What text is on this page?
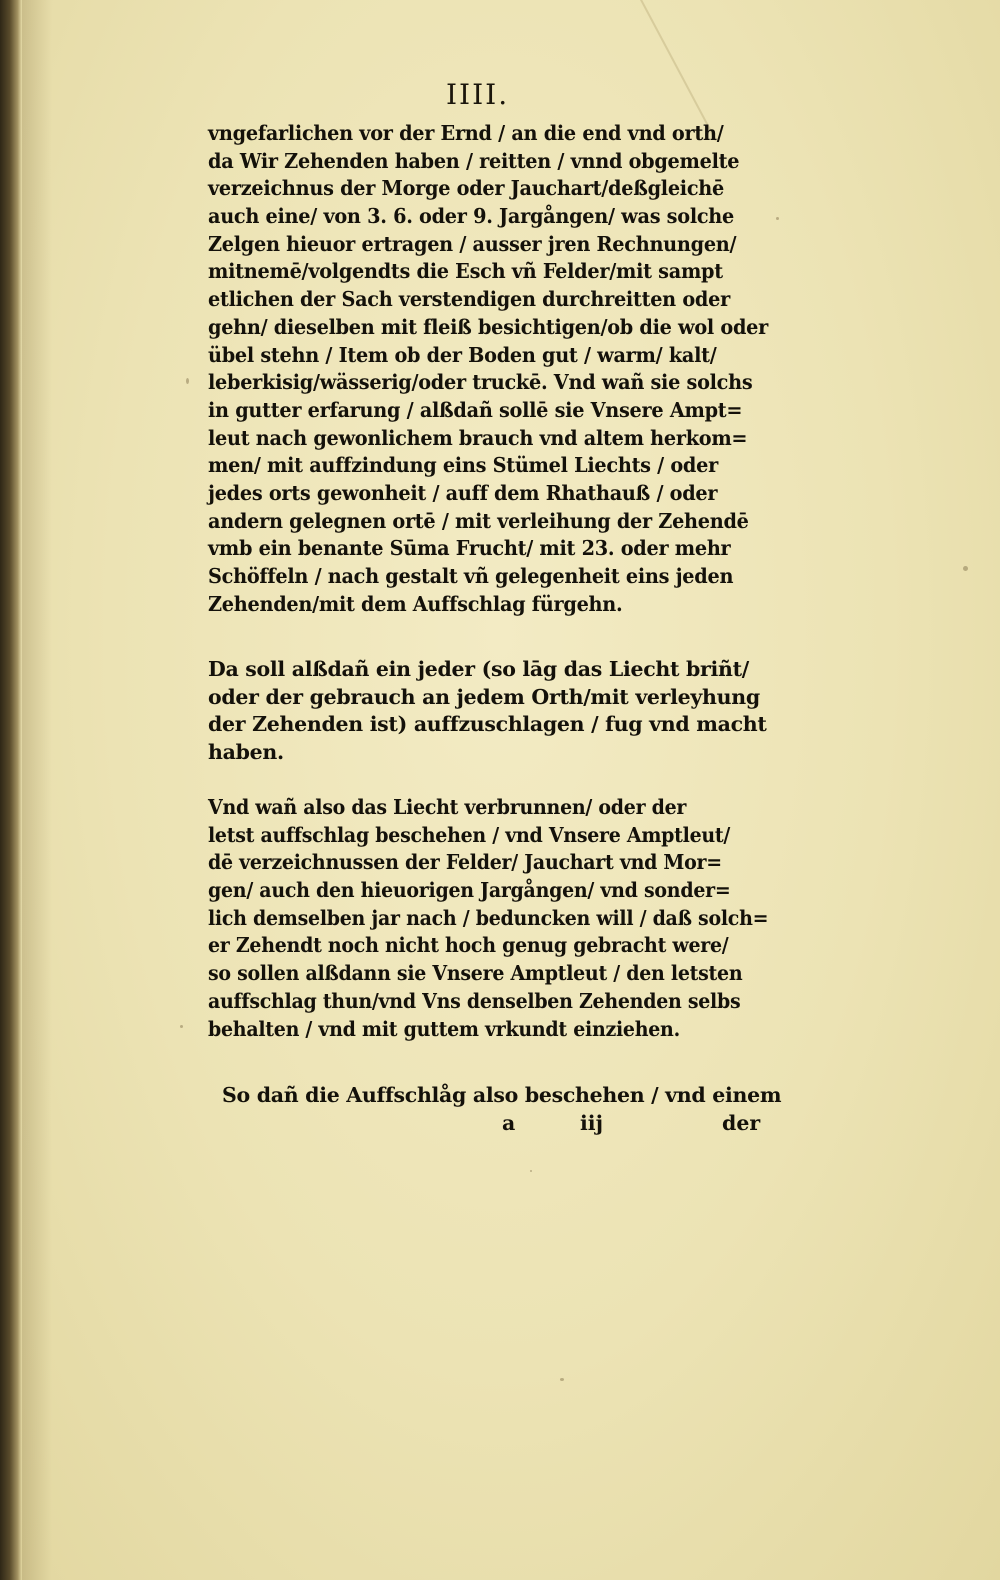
IIII.

vngefarlichen vor der Ernd / an die end vnd orth/
da Wir Zehenden haben / reitten / vnnd obgemelte
verzeichnus der Morge oder Jauchart/deßgleichē
auch eine/ von 3. 6. oder 9. Jargången/ was solche
Zelgen hieuor ertragen / ausser jren Rechnungen/
mitnemē/volgendts die Esch vñ Felder/mit sampt
etlichen der Sach verstendigen durchreitten oder
gehn/ dieselben mit fleiß besichtigen/ob die wol oder
übel stehn / Item ob der Boden gut / warm/ kalt/
leberkisig/wässerig/oder truckē. Vnd wañ sie solchs
in gutter erfarung / alßdañ sollē sie Vnsere Ampt=
leut nach gewonlichem brauch vnd altem herkom=
men/ mit auffzindung eins Stümel Liechts / oder
jedes orts gewonheit / auff dem Rhathauß / oder
andern gelegnen ortē / mit verleihung der Zehendē
vmb ein benante Sūma Frucht/ mit 23. oder mehr
Schöffeln / nach gestalt vñ gelegenheit eins jeden
Zehenden/mit dem Auffschlag fürgehn.

Da soll alßdañ ein jeder (so lāg das Liecht briñt/
oder der gebrauch an jedem Orth/mit verleyhung
der Zehenden ist) auffzuschlagen / fug vnd macht
haben.

Vnd wañ also das Liecht verbrunnen/ oder der
letst auffschlag beschehen / vnd Vnsere Amptleut/
dē verzeichnussen der Felder/ Jauchart vnd Mor=
gen/ auch den hieuorigen Jargången/ vnd sonder=
lich demselben jar nach / beduncken will / daß solch=
er Zehendt noch nicht hoch genug gebracht were/
so sollen alßdann sie Vnsere Amptleut / den letsten
auffschlag thun/vnd Vns denselben Zehenden selbs
behalten / vnd mit guttem vrkundt einziehen.

So dañ die Auffschlåg also beschehen / vnd einem

a	iij	der
